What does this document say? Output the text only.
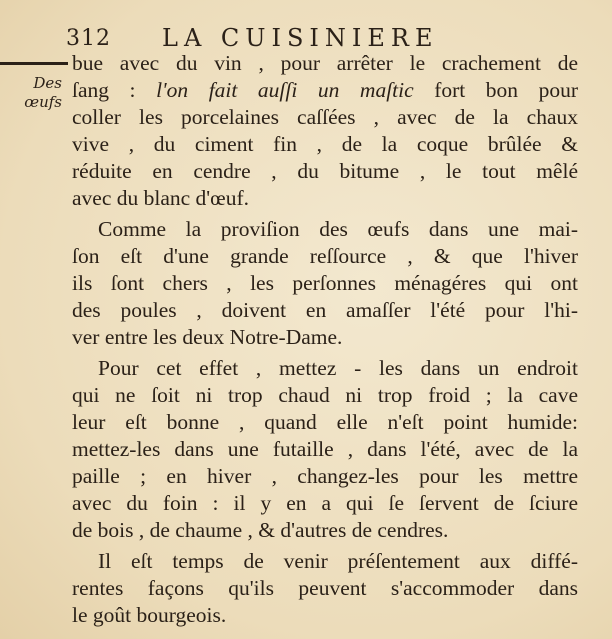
312 LA CUISINIERE
Des
œufs
bue avec du vin , pour arrêter le crachement de
ſang : l'on fait auſſi un maſtic fort bon pour
coller les porcelaines caſſées , avec de la chaux
vive , du ciment fin , de la coque brûlée &
réduite en cendre , du bitume , le tout mêlé
avec du blanc d'œuf.
Comme la proviſion des œufs dans une mai-
ſon eſt d'une grande reſſource , & que l'hiver
ils ſont chers , les perſonnes ménagéres qui ont
des poules , doivent en amaſſer l'été pour l'hi-
ver entre les deux Notre-Dame.
Pour cet effet , mettez - les dans un endroit
qui ne ſoit ni trop chaud ni trop froid ; la cave
leur eſt bonne , quand elle n'eſt point humide:
mettez-les dans une futaille , dans l'été, avec de la
paille ; en hiver , changez-les pour les mettre
avec du foin : il y en a qui ſe ſervent de ſciure
de bois , de chaume , & d'autres de cendres.
Il eſt temps de venir préſentement aux diffé-
rentes façons qu'ils peuvent s'accommoder dans
le goût bourgeois.
